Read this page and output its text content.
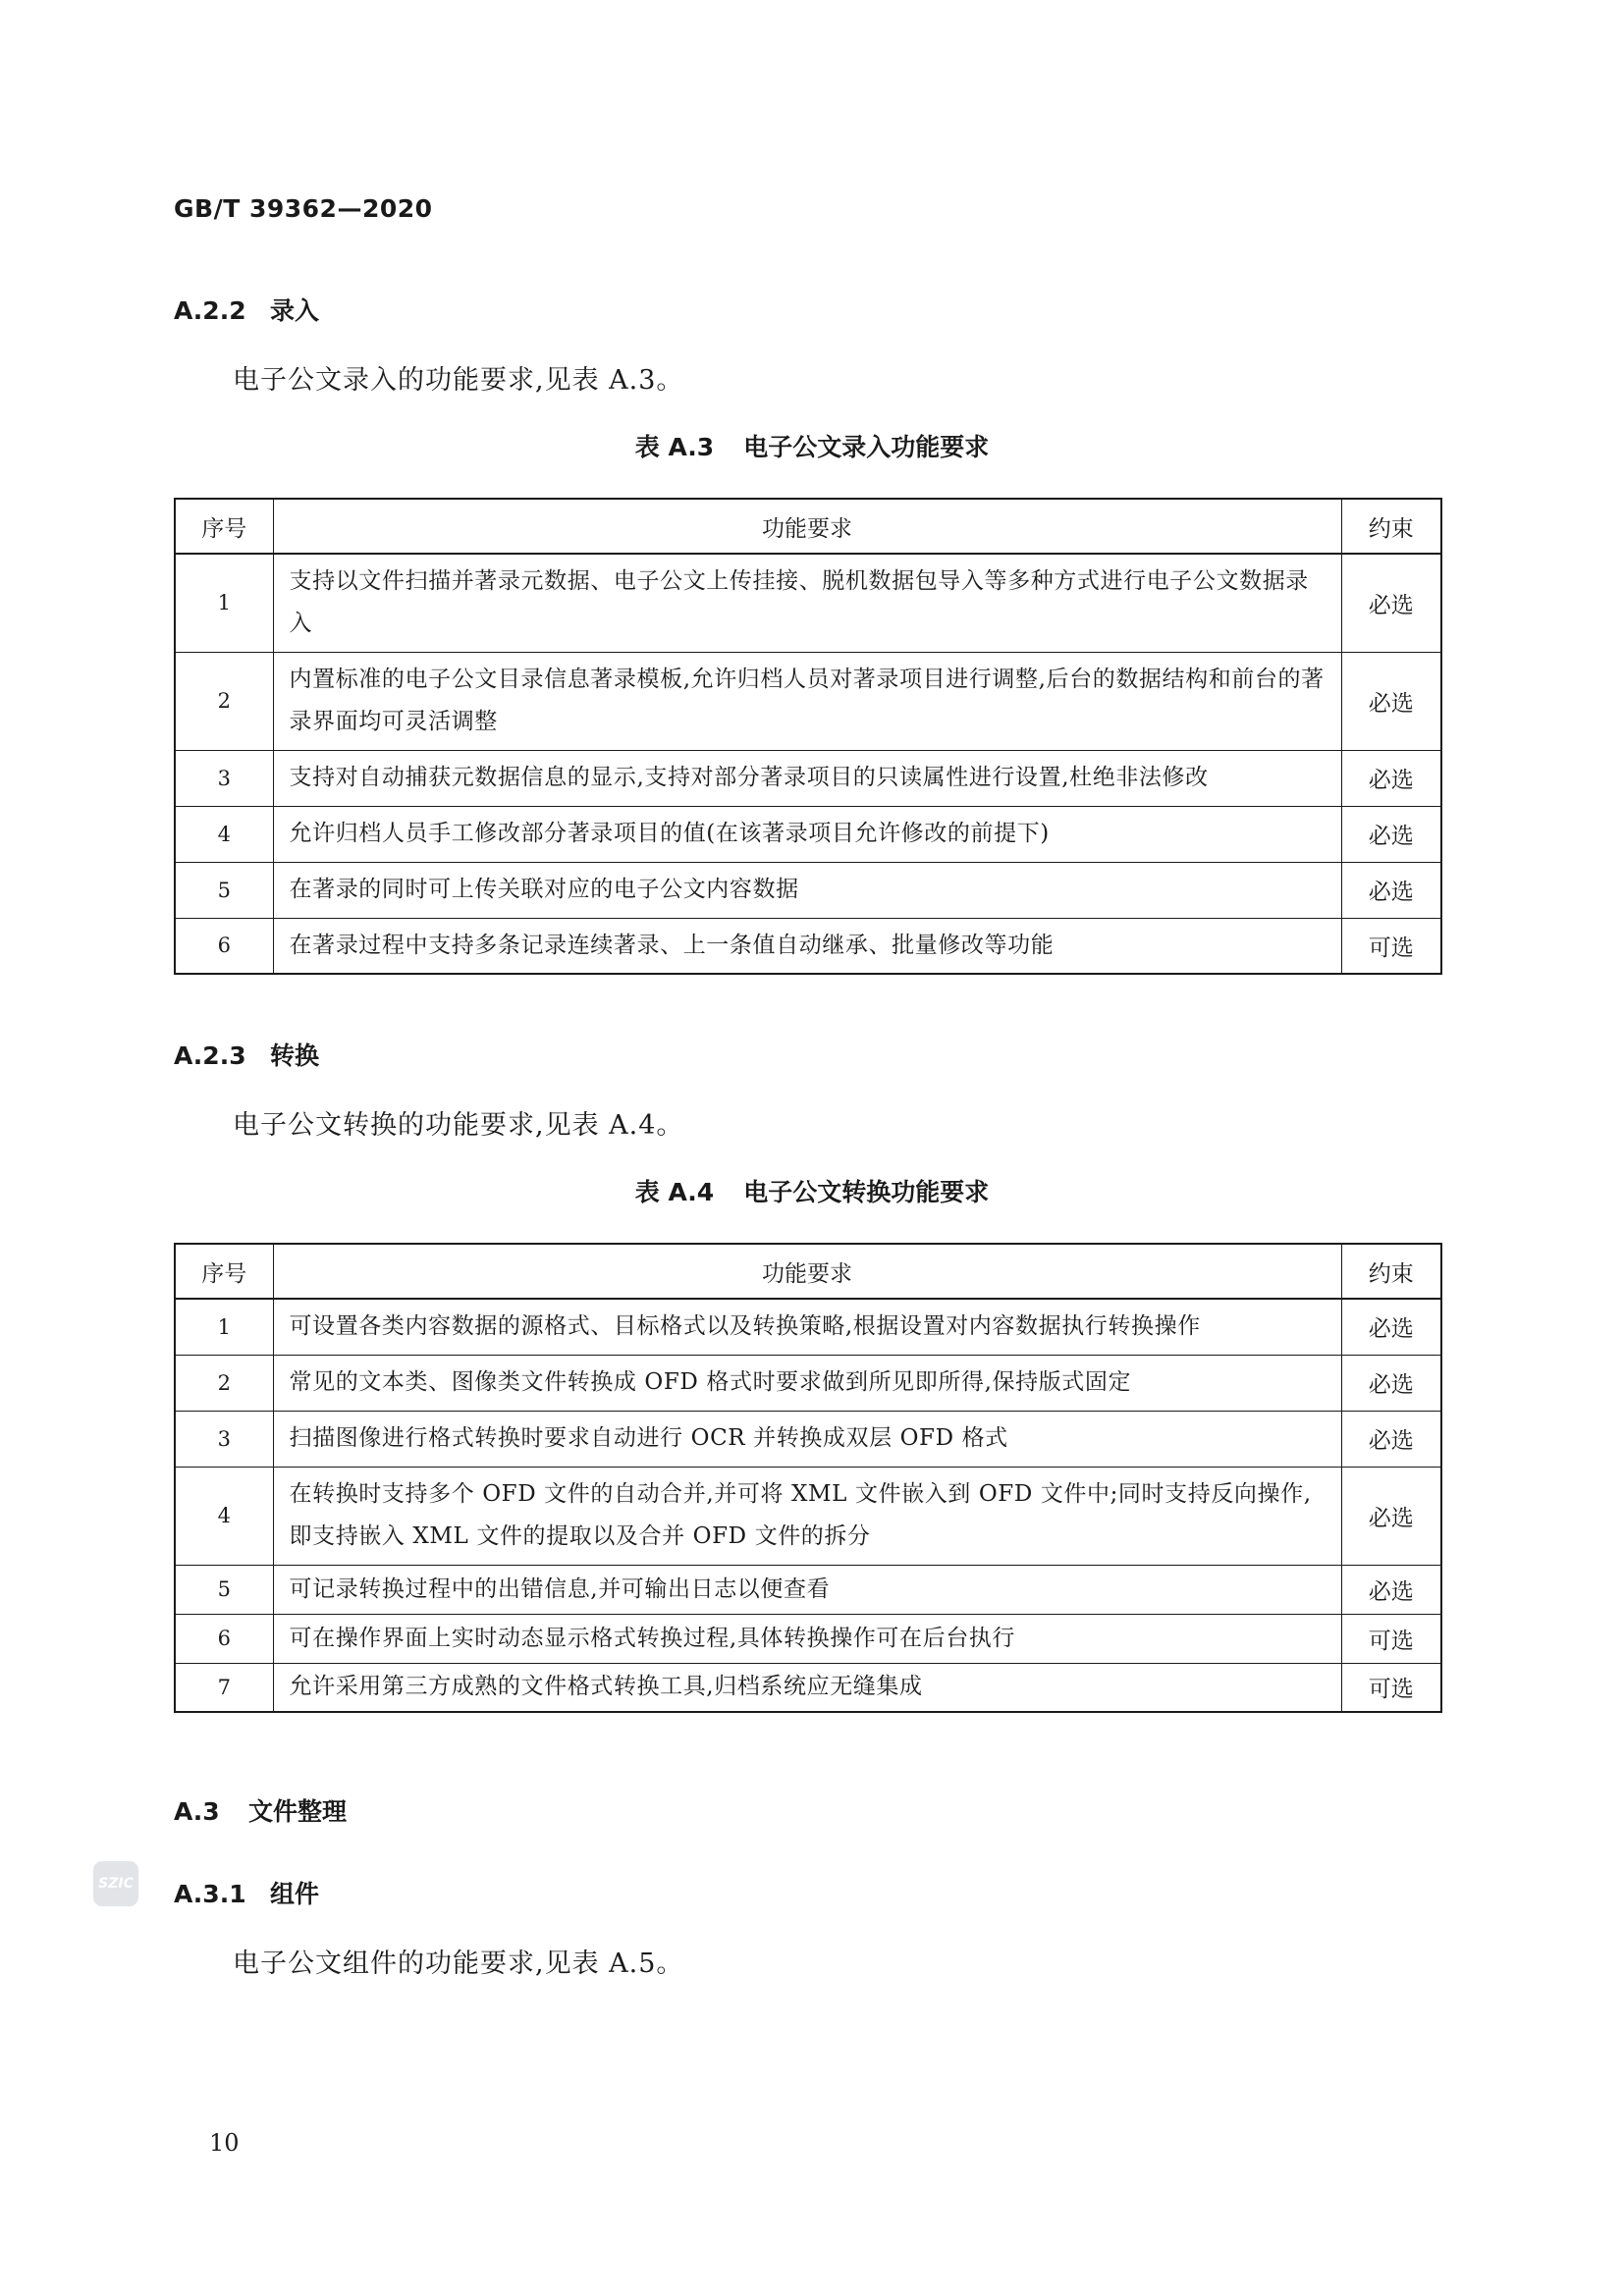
GB/T 39362—2020
A.2.2 录入
电子公文录入的功能要求,见表 A.3。
表 A.3 电子公文录入功能要求
序号	功能要求	约束
1	支持以文件扫描并著录元数据、电子公文上传挂接、脱机数据包导入等多种方式进行电子公文数据录入	必选
2	内置标准的电子公文目录信息著录模板,允许归档人员对著录项目进行调整,后台的数据结构和前台的著录界面均可灵活调整	必选
3	支持对自动捕获元数据信息的显示,支持对部分著录项目的只读属性进行设置,杜绝非法修改	必选
4	允许归档人员手工修改部分著录项目的值(在该著录项目允许修改的前提下)	必选
5	在著录的同时可上传关联对应的电子公文内容数据	必选
6	在著录过程中支持多条记录连续著录、上一条值自动继承、批量修改等功能	可选
A.2.3 转换
电子公文转换的功能要求,见表 A.4。
表 A.4 电子公文转换功能要求
序号	功能要求	约束
1	可设置各类内容数据的源格式、目标格式以及转换策略,根据设置对内容数据执行转换操作	必选
2	常见的文本类、图像类文件转换成 OFD 格式时要求做到所见即所得,保持版式固定	必选
3	扫描图像进行格式转换时要求自动进行 OCR 并转换成双层 OFD 格式	必选
4	在转换时支持多个 OFD 文件的自动合并,并可将 XML 文件嵌入到 OFD 文件中;同时支持反向操作,即支持嵌入 XML 文件的提取以及合并 OFD 文件的拆分	必选
5	可记录转换过程中的出错信息,并可输出日志以便查看	必选
6	可在操作界面上实时动态显示格式转换过程,具体转换操作可在后台执行	可选
7	允许采用第三方成熟的文件格式转换工具,归档系统应无缝集成	可选
A.3 文件整理
SZIC A.3.1 组件
电子公文组件的功能要求,见表 A.5。
10
